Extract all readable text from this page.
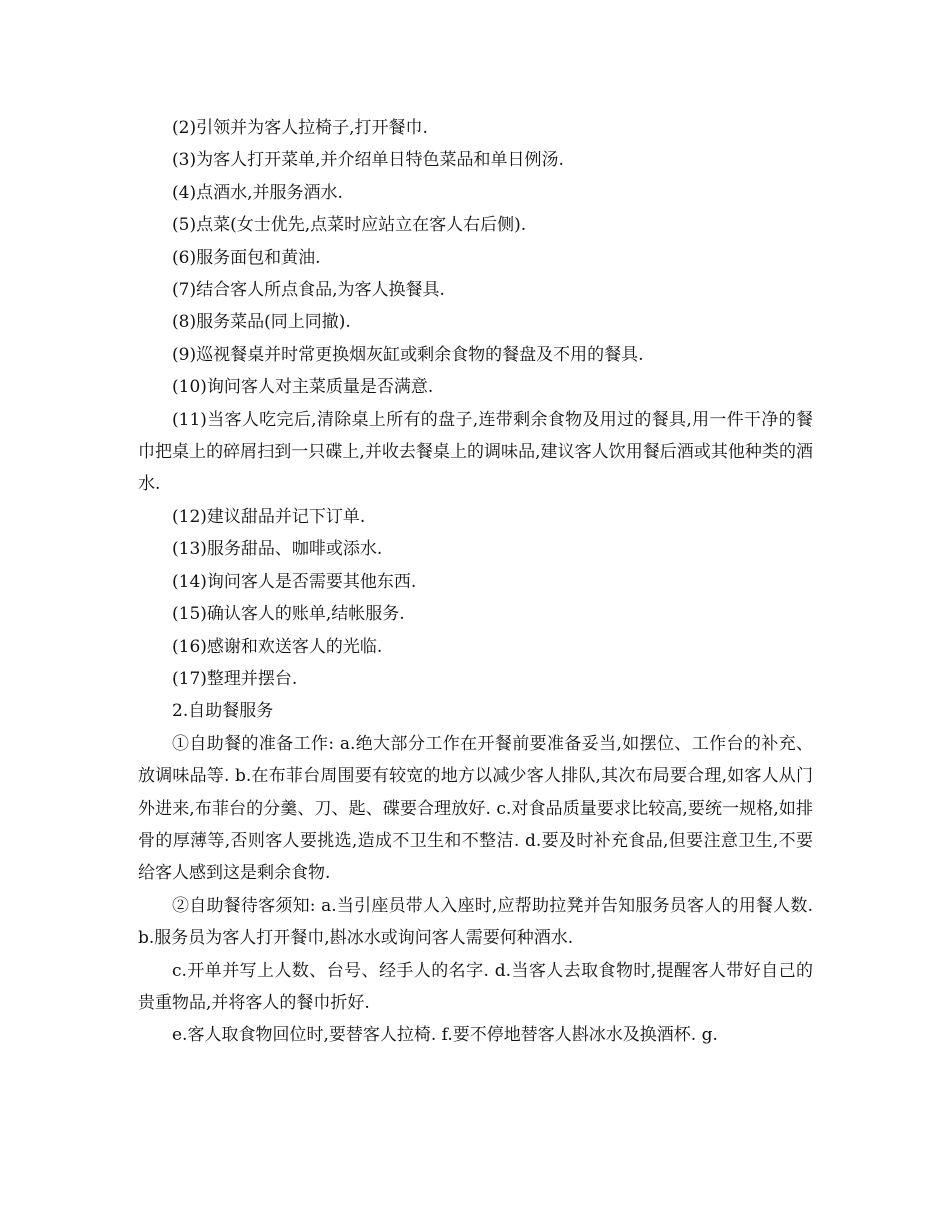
(2)引领并为客人拉椅子,打开餐巾.

(3)为客人打开菜单,并介绍单日特色菜品和单日例汤.

(4)点酒水,并服务酒水.

(5)点菜(女士优先,点菜时应站立在客人右后侧).

(6)服务面包和黄油.

(7)结合客人所点食品,为客人换餐具.

(8)服务菜品(同上同撤).

(9)巡视餐桌并时常更换烟灰缸或剩余食物的餐盘及不用的餐具.

(10)询问客人对主菜质量是否满意.

(11)当客人吃完后,清除桌上所有的盘子,连带剩余食物及用过的餐具,用一件干净的餐巾把桌上的碎屑扫到一只碟上,并收去餐桌上的调味品,建议客人饮用餐后酒或其他种类的酒水.

(12)建议甜品并记下订单.

(13)服务甜品、咖啡或添水.

(14)询问客人是否需要其他东西.

(15)确认客人的账单,结帐服务.

(16)感谢和欢送客人的光临.

(17)整理并摆台.

2.自助餐服务

①自助餐的准备工作: a.绝大部分工作在开餐前要准备妥当,如摆位、工作台的补充、放调味品等. b.在布菲台周围要有较宽的地方以减少客人排队,其次布局要合理,如客人从门外进来,布菲台的分羹、刀、匙、碟要合理放好. c.对食品质量要求比较高,要统一规格,如排骨的厚薄等,否则客人要挑选,造成不卫生和不整洁. d.要及时补充食品,但要注意卫生,不要给客人感到这是剩余食物.

②自助餐待客须知: a.当引座员带人入座时,应帮助拉凳并告知服务员客人的用餐人数.b.服务员为客人打开餐巾,斟冰水或询问客人需要何种酒水.

c.开单并写上人数、台号、经手人的名字. d.当客人去取食物时,提醒客人带好自己的贵重物品,并将客人的餐巾折好.

e.客人取食物回位时,要替客人拉椅. f.要不停地替客人斟冰水及换酒杯. g.
